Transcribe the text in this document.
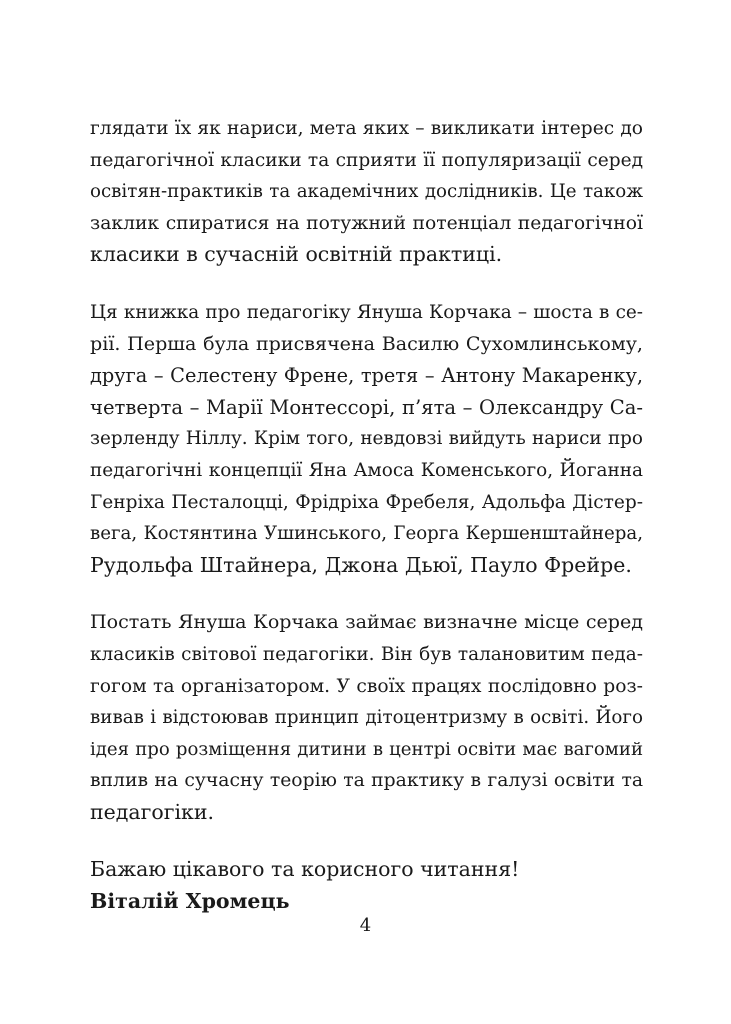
глядати їх як нариси, мета яких – викликати інтерес до
педагогічної класики та сприяти її популяризації серед
освітян-практиків та академічних дослідників. Це також
заклик спиратися на потужний потенціал педагогічної
класики в сучасній освітній практиці.
Ця книжка про педагогіку Януша Корчака – шоста в се-
рії. Перша була присвячена Василю Сухомлинському,
друга – Селестену Френе, третя – Антону Макаренку,
четверта – Марії Монтессорі, п’ята – Олександру Са-
зерленду Ніллу. Крім того, невдовзі вийдуть нариси про
педагогічні концепції Яна Амоса Коменського, Йоганна
Генріха Песталоцці, Фрідріха Фребеля, Адольфа Дістер-
вега, Костянтина Ушинського, Георга Кершенштайнера,
Рудольфа Штайнера, Джона Дьюї, Пауло Фрейре.
Постать Януша Корчака займає визначне місце серед
класиків світової педагогіки. Він був талановитим педа-
гогом та організатором. У своїх працях послідовно роз-
вивав і відстоював принцип дітоцентризму в освіті. Його
ідея про розміщення дитини в центрі освіти має вагомий
вплив на сучасну теорію та практику в галузі освіти та
педагогіки.
Бажаю цікавого та корисного читання!
Віталій Хромець
4
